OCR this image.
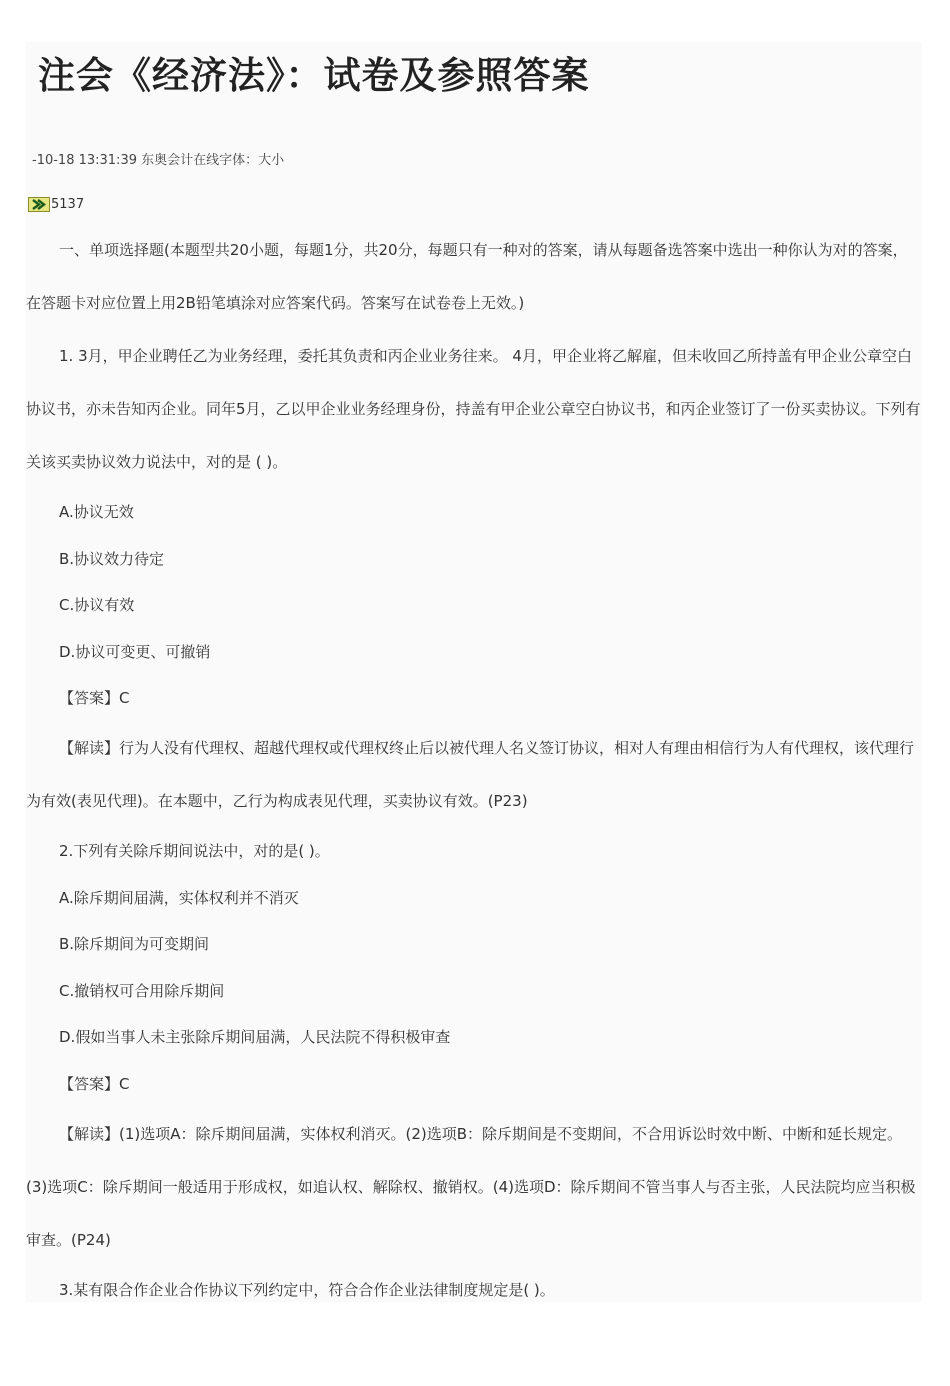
注会《经济法》：试卷及参照答案
-10-18 13:31:39 东奥会计在线字体：大小
5137

一、单项选择题(本题型共20小题，每题1分，共20分，每题只有一种对的答案，请从每题备选答案中选出一种你认为对的答案，在答题卡对应位置上用2B铅笔填涂对应答案代码。答案写在试卷卷上无效。)

1. 3月，甲企业聘任乙为业务经理，委托其负责和丙企业业务往来。 4月，甲企业将乙解雇，但未收回乙所持盖有甲企业公章空白协议书，亦未告知丙企业。同年5月，乙以甲企业业务经理身份，持盖有甲企业公章空白协议书，和丙企业签订了一份买卖协议。下列有关该买卖协议效力说法中，对的是 ( )。

A.协议无效

B.协议效力待定

C.协议有效

D.协议可变更、可撤销

【答案】C

【解读】行为人没有代理权、超越代理权或代理权终止后以被代理人名义签订协议，相对人有理由相信行为人有代理权，该代理行为有效(表见代理)。在本题中，乙行为构成表见代理，买卖协议有效。(P23)

2.下列有关除斥期间说法中，对的是( )。

A.除斥期间届满，实体权利并不消灭

B.除斥期间为可变期间

C.撤销权可合用除斥期间

D.假如当事人未主张除斥期间届满，人民法院不得积极审查

【答案】C

【解读】(1)选项A：除斥期间届满，实体权利消灭。(2)选项B：除斥期间是不变期间，不合用诉讼时效中断、中断和延长规定。(3)选项C：除斥期间一般适用于形成权，如追认权、解除权、撤销权。(4)选项D：除斥期间不管当事人与否主张，人民法院均应当积极审查。(P24)

3.某有限合作企业合作协议下列约定中，符合合作企业法律制度规定是( )。
